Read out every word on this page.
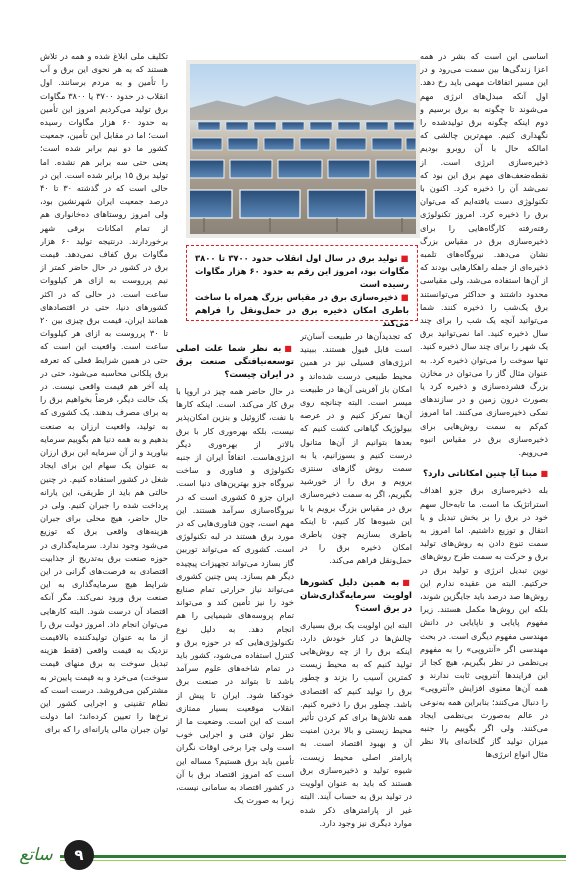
اساسی این است که بشر در همه اعزا زندگی‌ها بین سمت می‌رود و در این مسیر اتفاقات مهمی باید رخ دهد. اول آنکه مبدل‌های انرژی مهم می‌شوند تا چگونه به برق برسیم و دوم اینکه چگونه برق تولیدشده را نگهداری کنیم. مهم‌ترین چالشی که امالکه حال با آن روبرو بودیم ذخیره‌سازی انرژی است. از نقطه‌ضعف‌های مهم برق این بود که نمی‌شد آن را ذخیره کرد. اکنون با تکنولوژی دست یافته‌ایم که می‌توان برق را ذخیره کرد. امروز تکنولوژی رفته‌رفته کارگاه‌هایی را برای ذخیره‌سازی برق در مقیاس بزرگ نشان می‌دهد. نیروگاه‌های تلمبه ذخیره‌ای از جمله راهکارهایی بودند که از آن‌ها استفاده می‌شد، ولی مقیاسی محدود داشتند و حداکثر می‌توانستند برق یک‌شب را ذخیره کنند. شما می‌توانید آنچه یک شب را برای چند سال ذخیره کنید. اما نمی‌توانید برق یک شهر را برای چند سال ذخیره کنید. تنها سوخت را می‌توان ذخیره کرد. به عنوان مثال گاز را می‌توان در مخازن بزرگ فشرده‌سازی و ذخیره کرد یا بصورت درون زمین و در سازندهای نمکی ذخیره‌سازی می‌کنند. اما امروز کم‌کم به سمت روش‌هایی برای ذخیره‌سازی برق در مقیاس انبوه می‌رویم.

■مبنا آیا چنین امکاناتی دارد؟

بله ذخیره‌سازی برق جزو اهداف استراتژیک ما است. ما تابه‌حال سهم خود در برق را بر بخش تبدیل و یا انتقال و توزیع داشتیم. اما امروز به سمت تنوع دادن به روش‌های تولید برق و حرکت به سمت طرح روش‌های نوین تبدیل انرژی و تولید برق در حرکتیم. البته من عقیده ندارم این روش‌ها صد درصد باید جایگزین شوند، بلکه این روش‌ها مکمل هستند. زیرا مفهوم پایایی و ناپایایی در دانش مهندسی مفهوم دیگری است. در بحث مهندسی اگر «آنتروپی» را به مفهوم بی‌نظمی در نظر بگیریم، هیچ کجا از این فرایندها آنتروپی ثابت ندارند و همه آن‌ها معنوی افزایش «آنتروپی» را دنبال می‌کنند؛ بنابراین همه به‌نوعی در عالم به‌صورت بی‌نظمی ایجاد می‌کنند. ولی اگر بگوییم را جنبه میزان تولید گاز گلخانه‌ای بالا نظر مثال انواع انرژی‌ها

■تولید برق در سال اول انقلاب حدود ۳۷۰۰ تا ۳۸۰۰ مگاوات بود، امروز این رقم به حدود ۶۰ هزار مگاوات رسیده است
■ذخیره‌سازی برق در مقیاس بزرگ همراه با ساخت باطری امکان ذخیره برق در حمل‌ونقل را فراهم می‌کند

که تجدیدآن‌ها در طبیعت آسان‌تر است قابل قبول هستند. ببینید انرژی‌های فسیلی نیز در همین محیط طبیعی درست شده‌اند و امکان باز آفرینی آن‌ها در طبیعت میسر است. البته چنانچه روی آن‌ها تمرکز کنیم و در عرصه بیولوژیک گیاهانی کشت کنیم که بعدها بتوانیم از آن‌ها متانول درست کنیم و بسوزانیم، یا به سمت روش گازهای سنتزی برویم و برق را از خورشید بگیریم، اگر به سمت ذخیره‌سازی برق در مقیاس بزرگ برویم یا با این شیوه‌ها کار کنیم، تا اینکه باطری بسازیم چون باطری امکان ذخیره برق را در حمل‌ونقل فراهم می‌کند.

■به همین دلیل کشورها اولویت سرمایه‌گذاری‌شان در برق است؟

البته این اولویت یک برق بسیاری چالش‌ها در کنار خودش دارد، اینکه برق را از چه روش‌هایی تولید کنیم که به محیط زیست کمترین آسیب را بزند و چطور برق را تولید کنیم که اقتصادی باشد. چطور برق را ذخیره کنیم. همه تلاش‌ها برای کم کردن تأثیر محیط زیستی و بالا بردن امنیت آن و بهبود اقتصاد است. به پارامتر اصلی محیط زیست، شیوه تولید و ذخیره‌سازی برق هستند که باید به عنوان اولویت در تولید برق به حساب آیند. البته غیر از پارامترهای ذکر شده موارد دیگری نیز وجود دارد.

■به نظر شما علت اصلی توسعه‌نیافتگی صنعت برق در ایران چیست؟

در حال حاضر همه چیز در اروپا با برق کار می‌کند. است. اینکه کارها با نفت، گازوئیل و بنزین امکان‌پذیر نیست، بلکه بهره‌وری کار با برق بالاتر از بهره‌وری دیگر انرژی‌هاست. اتفاقاً ایران از جنبه تکنولوژی و فناوری و ساخت نیروگاه جزو بهترین‌های دنیا است. ایران جزو ۵ کشوری است که در نیروگاه‌سازی سرآمد هستند. این مهم است، چون فناوری‌هایی که در مورد برق هستند در لبه تکنولوژی است. کشوری که می‌تواند توربین گاز بسازد می‌تواند تجهیزات پیچیده دیگر هم بسازد. پس چنین کشوری می‌تواند نیاز حرارتی تمام صنایع خود را نیز تأمین کند و می‌تواند تمام پروسه‌های شیمیایی را هم انجام دهد. به دلیل نوع تکنولوژی‌هایی که در حوزه برق و کنترل استفاده می‌شود، کشور باید در تمام شاخه‌های علوم سرآمد باشد تا بتواند در صنعت برق خودکفا شود. ایران تا پیش از انقلاب موقعیت بسیار ممتازی است که این است. وضعیت ما از نظر توان فنی و اجرایی خوب است ولی چرا برخی اوقات نگران تأمین باید برق هستیم؟ مساله این است که امروز اقتصاد برق با آن در کشور اقتصاد به سامانی نیست، زیرا به صورت یک

تکلیف ملی ابلاغ شده و همه در تلاش هستند که به هر نحوی این برق و آب را تأمین و به مردم برسانند. اول انقلاب در حدود ۳۷۰۰ یا ۳۸۰۰ مگاوات برق تولید می‌کردیم امروز این تأمین به حدود ۶۰ هزار مگاوات رسیده است؛ اما در مقابل این تأمین، جمعیت کشور ما دو نیم برابر شده است؛ یعنی حتی سه برابر هم نشده. اما تولید برق ۱۵ برابر شده است. این در حالی است که در گذشته ۳۰ تا ۴۰ درصد جمعیت ایران شهرنشین بود، ولی امروز روستاهای ده‌خانواری هم از تمام امکانات برقی شهر برخوردارند. درنتیجه تولید ۶۰ هزار مگاوات برق کفاف نمی‌دهد. قیمت برق در کشور در حال حاضر کمتر از نیم پرروست به ازای هر کیلووات ساعت است. در حالی که در اکثر کشورهای دنیا، حتی در اقتصادهای همانند ایران، قیمت برق چیزی بین ۲۰ تا ۳۰ پرروست به ازای هر کیلووات ساعت است. واقعیت این است که حتی در همین شرایط فعلی که تعرفه برق پلکانی محاسبه می‌شود، حتی در پله آخر هم قیمت واقعی نیست. در یک حالت دیگر، فرضاً بخواهیم برق را به برای مصرف بدهند. یک کشوری که به تولید، واقعیت ارزان به صنعت بدهیم و به همه دنیا هم بگوییم سرمایه بیاورید و از آن سرمایه این برق ارزان به عنوان یک سهام این برای ایجاد شغل در کشور استفاده کنیم. در چنین حالتی هم باید از طریقی، این یارانه پرداخت شده را جبران کنیم. ولی در حال حاضر، هیچ محلی برای جبران هزینه‌های واقعی برق که توزیع می‌شود وجود ندارد. سرمایه‌گذاری در حوزه صنعت برق به‌تدریج از جذابیت اقتصادی به فرصت‌های گرانی در این شرایط هیچ سرمایه‌گذاری به این صنعت برق ورود نمی‌کند. مگر آنکه اقتصاد آن درست شود. البته کارهایی می‌توان انجام داد. امروز دولت برق را از ما به عنوان تولیدکننده بالاقیمت نزدیک به قیمت واقعی (فقط هزینه تبدیل سوخت به برق منهای قیمت سوخت) می‌خرد و به قیمت پایین‌تر به مشترکین می‌فروشد. درست است که نظام تقنینی و اجرایی کشور این نرخ‌ها را تعیین کرده‌اند؛ اما دولت توان جبران مالی یارانه‌ای را که برای

ساتع	۹
